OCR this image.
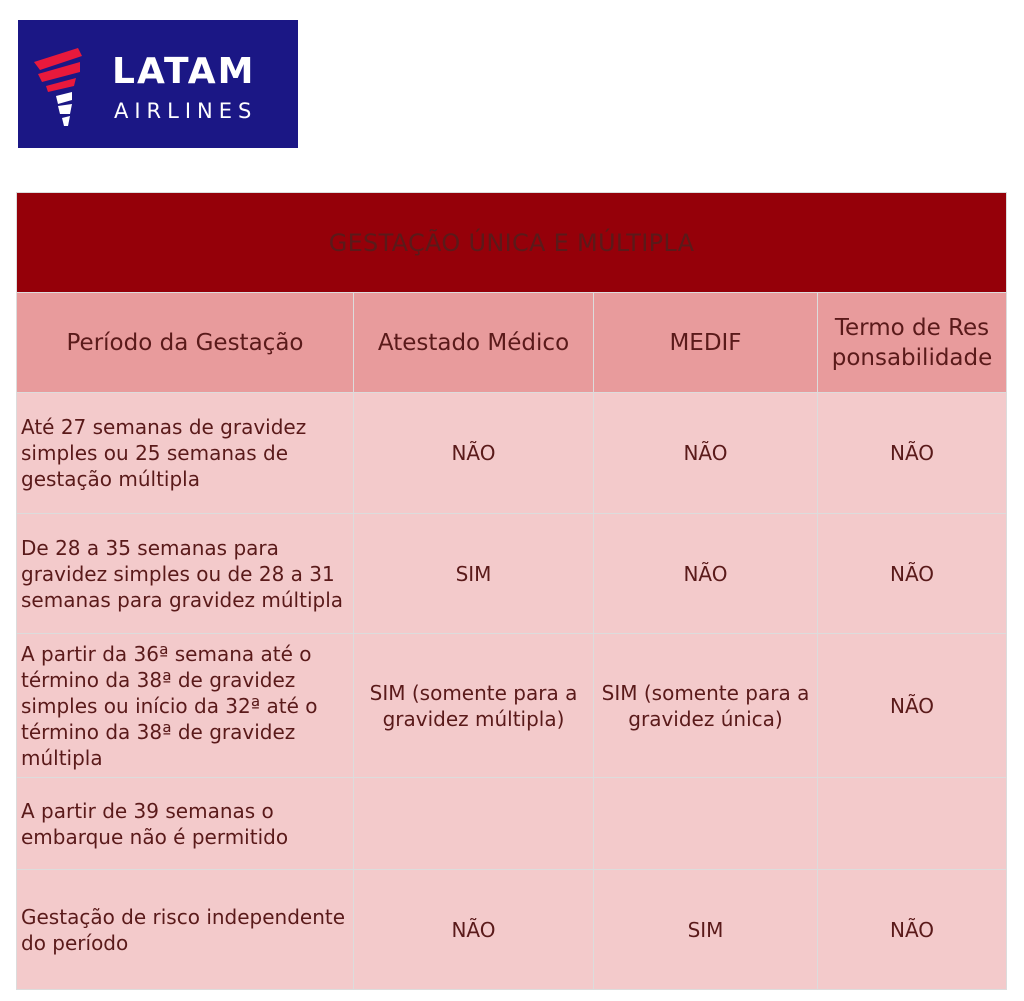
LATAM
AIRLINES
GESTAÇÃO ÚNICA E MÚLTIPLA			
Período da Gestação	Atestado Médico	MEDIF	Termo de Responsabilidade
Até 27 semanas de gravidez simples ou 25 semanas de gestação múltipla	NÃO	NÃO	NÃO
De 28 a 35 semanas para gravidez simples ou de 28 a 31 semanas para gravidez múltipla	SIM	NÃO	NÃO
A partir da 36ª semana até o término da 38ª de gravidez simples ou início da 32ª até o término da 38ª de gravidez múltipla	SIM (somente para a gravidez múltipla)	SIM (somente para a gravidez única)	NÃO
A partir de 39 semanas o embarque não é permitido			
Gestação de risco independente do período	NÃO	SIM	NÃO
